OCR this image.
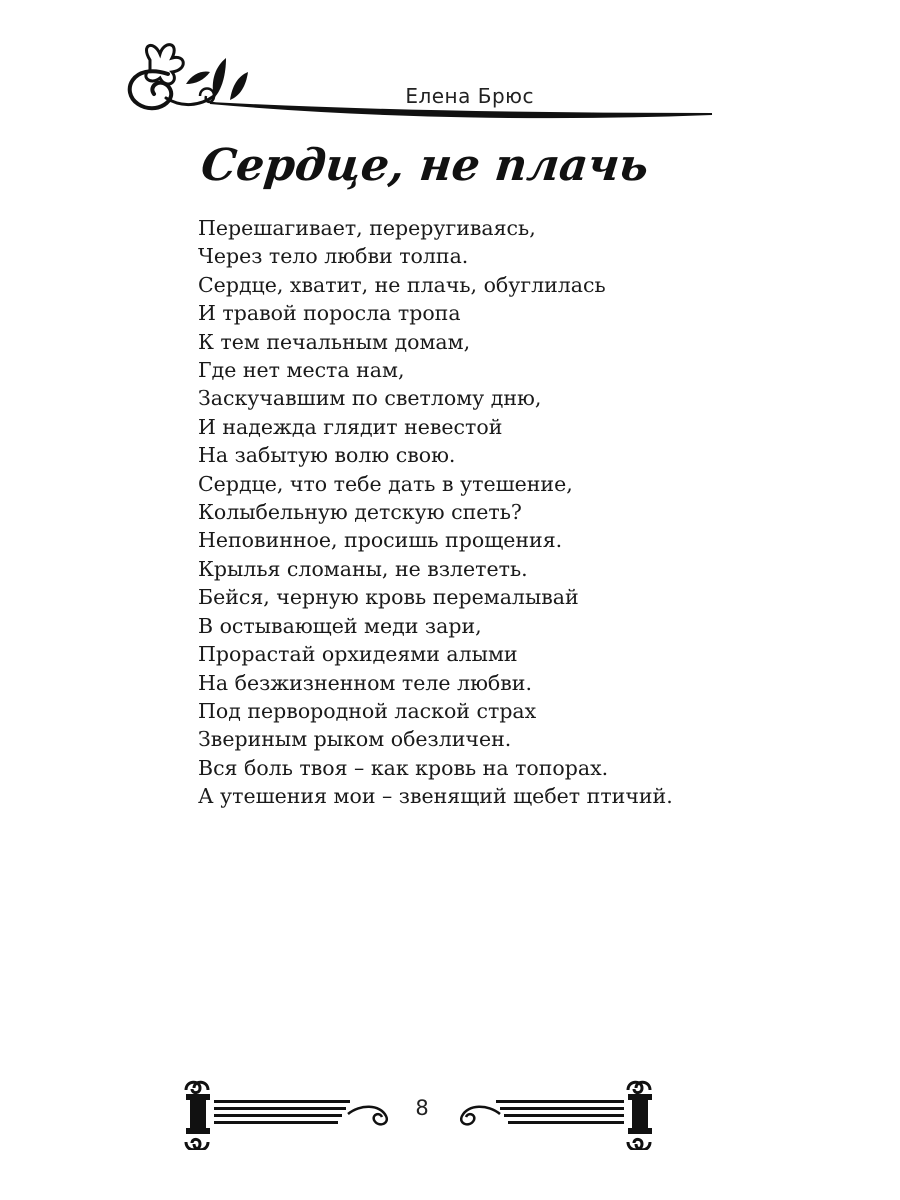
Елена Брюс
Сердце, не плачь
Перешагивает, переругиваясь,
Через тело любви толпа.
Сердце, хватит, не плачь, обуглилась
И травой поросла тропа
К тем печальным домам,
Где нет места нам,
Заскучавшим по светлому дню,
И надежда глядит невестой
На забытую волю свою.
Сердце, что тебе дать в утешение,
Колыбельную детскую спеть?
Неповинное, просишь прощения.
Крылья сломаны, не взлететь.
Бейся, черную кровь перемалывай
В остывающей меди зари,
Прорастай орхидеями алыми
На безжизненном теле любви.
Под первородной лаской страх
Звериным рыком обезличен.
Вся боль твоя – как кровь на топорах.
А утешения мои – звенящий щебет птичий.
8
